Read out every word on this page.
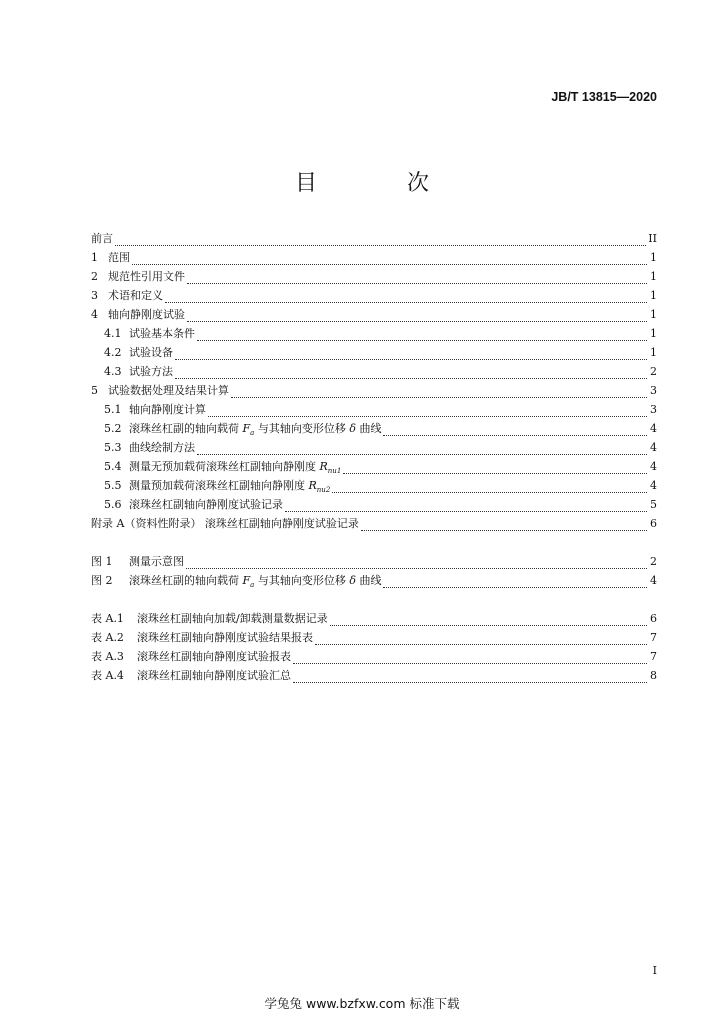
JB/T 13815—2020
目　次
前言	II
1 范围	1
2 规范性引用文件	1
3 术语和定义	1
4 轴向静刚度试验	1
4.1 试验基本条件	1
4.2 试验设备	1
4.3 试验方法	2
5 试验数据处理及结果计算	3
5.1 轴向静刚度计算	3
5.2 滚珠丝杠副的轴向载荷 $F_a$ 与其轴向变形位移 δ 曲线	4
5.3 曲线绘制方法	4
5.4 测量无预加载荷滚珠丝杠副轴向静刚度 $R_{nu1}$	4
5.5 测量预加载荷滚珠丝杠副轴向静刚度 $R_{nu2}$	4
5.6 滚珠丝杠副轴向静刚度试验记录	5
附录 A（资料性附录） 滚珠丝杠副轴向静刚度试验记录	6
图 1	测量示意图	2
图 2	滚珠丝杠副的轴向载荷 $F_a$ 与其轴向变形位移 δ 曲线	4
表 A.1	滚珠丝杠副轴向加载/卸载测量数据记录	6
表 A.2	滚珠丝杠副轴向静刚度试验结果报表	7
表 A.3	滚珠丝杠副轴向静刚度试验报表	7
表 A.4	滚珠丝杠副轴向静刚度试验汇总	8
I
学兔兔 www.bzfxw.com 标准下载
